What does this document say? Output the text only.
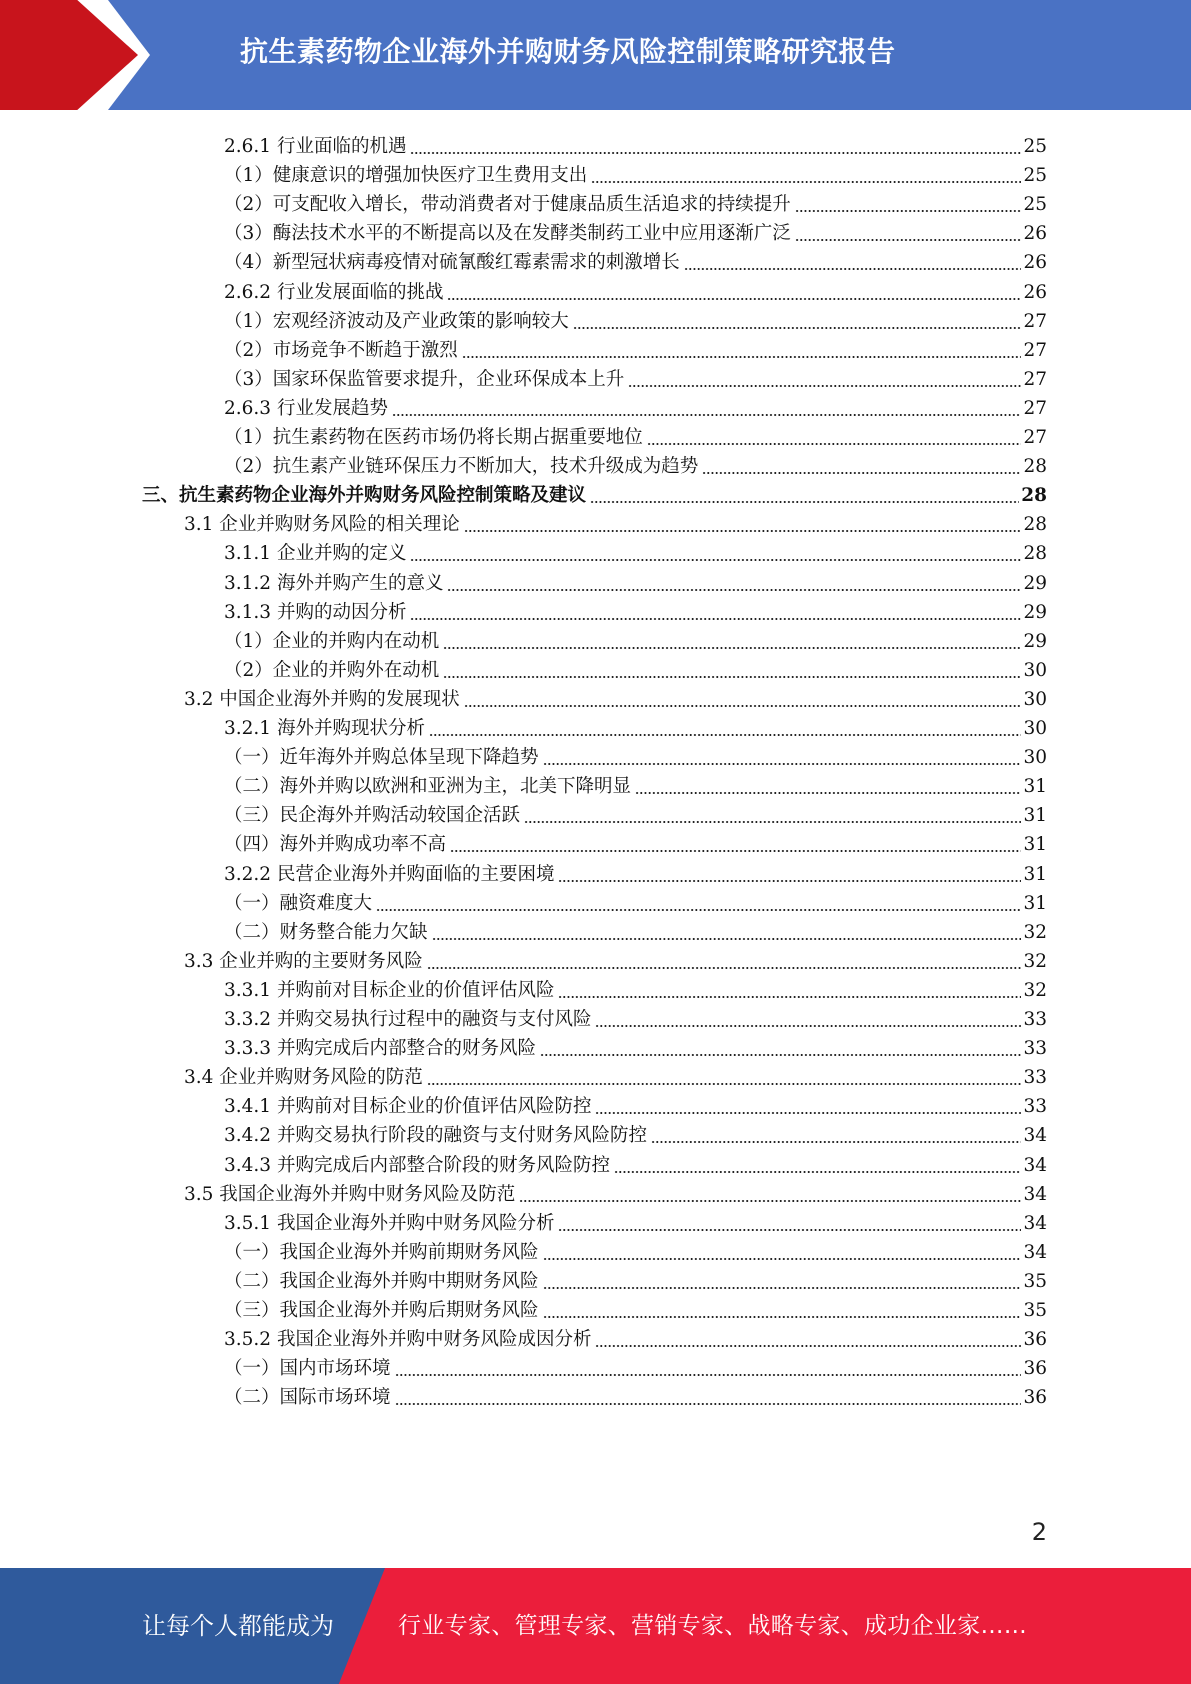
抗生素药物企业海外并购财务风险控制策略研究报告
2.6.1 行业面临的机遇	25
（1）健康意识的增强加快医疗卫生费用支出	25
（2）可支配收入增长，带动消费者对于健康品质生活追求的持续提升	25
（3）酶法技术水平的不断提高以及在发酵类制药工业中应用逐渐广泛	26
（4）新型冠状病毒疫情对硫氰酸红霉素需求的刺激增长	26
2.6.2 行业发展面临的挑战	26
（1）宏观经济波动及产业政策的影响较大	27
（2）市场竞争不断趋于激烈	27
（3）国家环保监管要求提升，企业环保成本上升	27
2.6.3 行业发展趋势	27
（1）抗生素药物在医药市场仍将长期占据重要地位	27
（2）抗生素产业链环保压力不断加大，技术升级成为趋势	28
三、抗生素药物企业海外并购财务风险控制策略及建议	28
3.1 企业并购财务风险的相关理论	28
3.1.1 企业并购的定义	28
3.1.2 海外并购产生的意义	29
3.1.3 并购的动因分析	29
（1）企业的并购内在动机	29
（2）企业的并购外在动机	30
3.2 中国企业海外并购的发展现状	30
3.2.1 海外并购现状分析	30
（一）近年海外并购总体呈现下降趋势	30
（二）海外并购以欧洲和亚洲为主，北美下降明显	31
（三）民企海外并购活动较国企活跃	31
（四）海外并购成功率不高	31
3.2.2 民营企业海外并购面临的主要困境	31
（一）融资难度大	31
（二）财务整合能力欠缺	32
3.3 企业并购的主要财务风险	32
3.3.1 并购前对目标企业的价值评估风险	32
3.3.2 并购交易执行过程中的融资与支付风险	33
3.3.3 并购完成后内部整合的财务风险	33
3.4 企业并购财务风险的防范	33
3.4.1 并购前对目标企业的价值评估风险防控	33
3.4.2 并购交易执行阶段的融资与支付财务风险防控	34
3.4.3 并购完成后内部整合阶段的财务风险防控	34
3.5 我国企业海外并购中财务风险及防范	34
3.5.1 我国企业海外并购中财务风险分析	34
（一）我国企业海外并购前期财务风险	34
（二）我国企业海外并购中期财务风险	35
（三）我国企业海外并购后期财务风险	35
3.5.2 我国企业海外并购中财务风险成因分析	36
（一）国内市场环境	36
（二）国际市场环境	36
2
让每个人都能成为	行业专家、管理专家、营销专家、战略专家、成功企业家……
